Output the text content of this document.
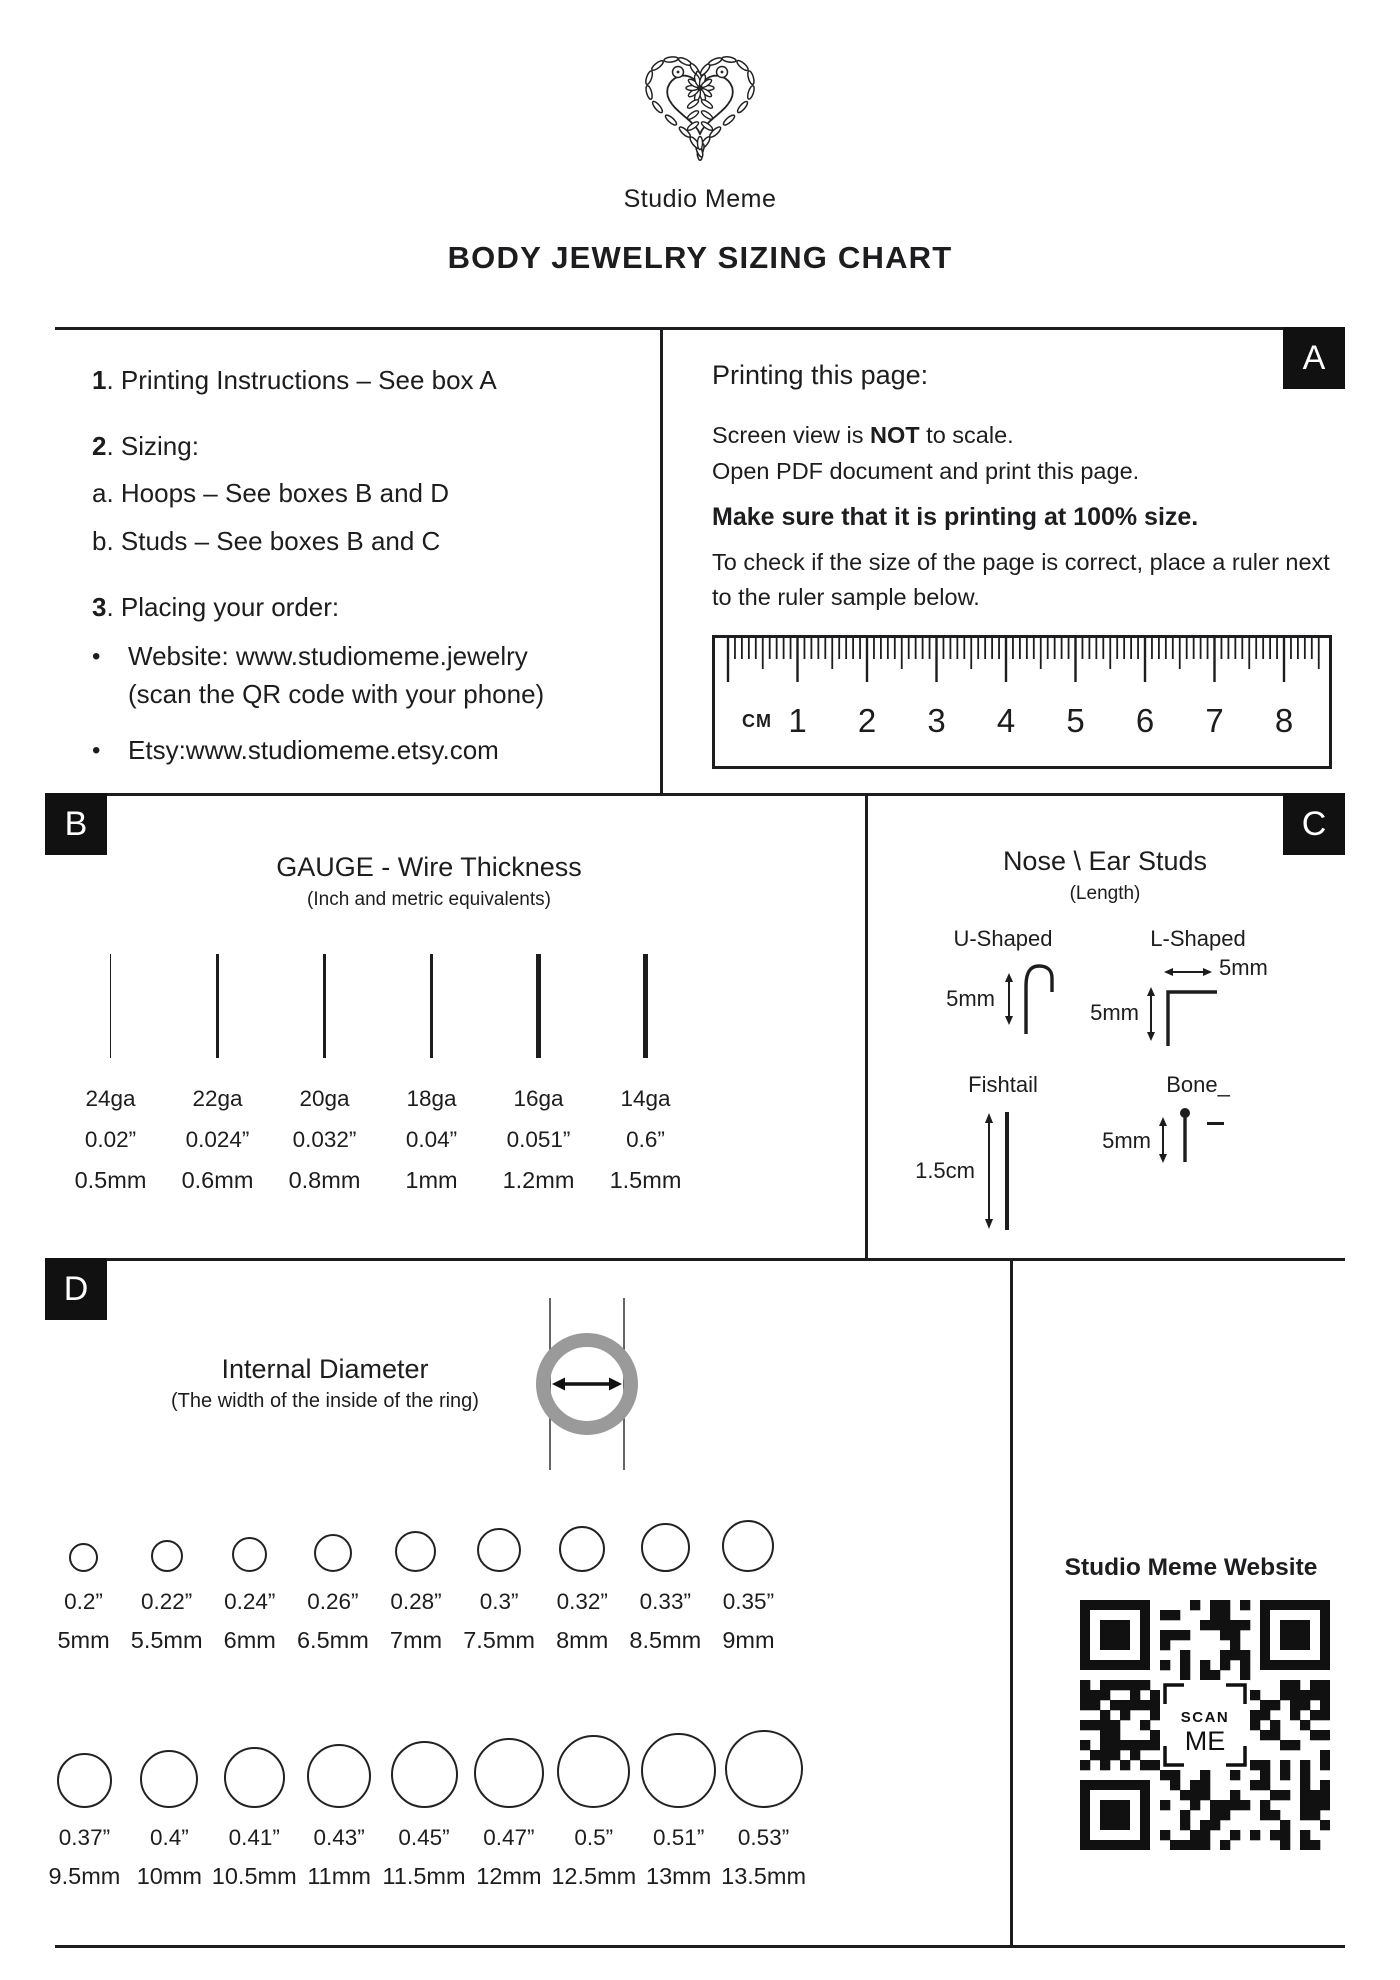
Studio Meme
BODY JEWELRY SIZING CHART
A
B	C
D
1. Printing Instructions – See box A
2. Sizing:
a. Hoops – See boxes B and D
b. Studs – See boxes B and C
3. Placing your order:
•	Website: www.studiomeme.jewelry
(scan the QR code with your phone)
•	Etsy:www.studiomeme.etsy.com
Printing this page:
Screen view is NOT to scale.
Open PDF document and print this page.
Make sure that it is printing at 100% size.
To check if the size of the page is correct, place a ruler next to the ruler sample below.
CM 1 2 3 4 5 6 7 8
GAUGE - Wire Thickness
(Inch and metric equivalents)
24ga
0.02”
0.5mm
22ga
0.024”
0.6mm
20ga
0.032”
0.8mm
18ga
0.04”
1mm
16ga
0.051”
1.2mm
14ga
0.6”
1.5mm
Nose \ Ear Studs
(Length)
U-Shaped
5mm
L-Shaped
5mm
5mm
Fishtail
1.5cm
Bone_
5mm
Internal Diameter
(The width of the inside of the ring)
0.2”
5mm
0.22”
5.5mm
0.24”
6mm
0.26”
6.5mm
0.28”
7mm
0.3”
7.5mm
0.32”
8mm
0.33”
8.5mm
0.35”
9mm
0.37”
9.5mm
0.4”
10mm
0.41”
10.5mm
0.43”
11mm
0.45”
11.5mm
0.47”
12mm
0.5”
12.5mm
0.51”
13mm
0.53”
13.5mm
Studio Meme Website
SCAN
ME
